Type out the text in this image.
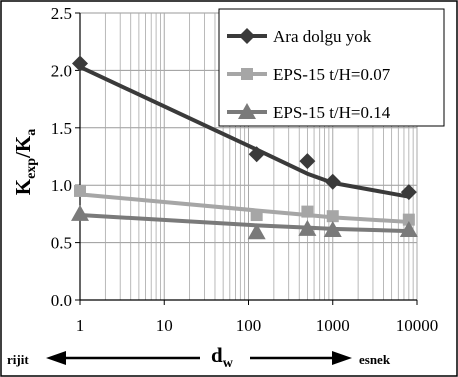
0.0
0.5
1.0
1.5
2.0
2.5
1	10	100	1000	10000
Ara dolgu yok
EPS-15 t/H=0.07
EPS-15 t/H=0.14
$K_{exp}/K_a$
$d_w$
rijit	esnek
